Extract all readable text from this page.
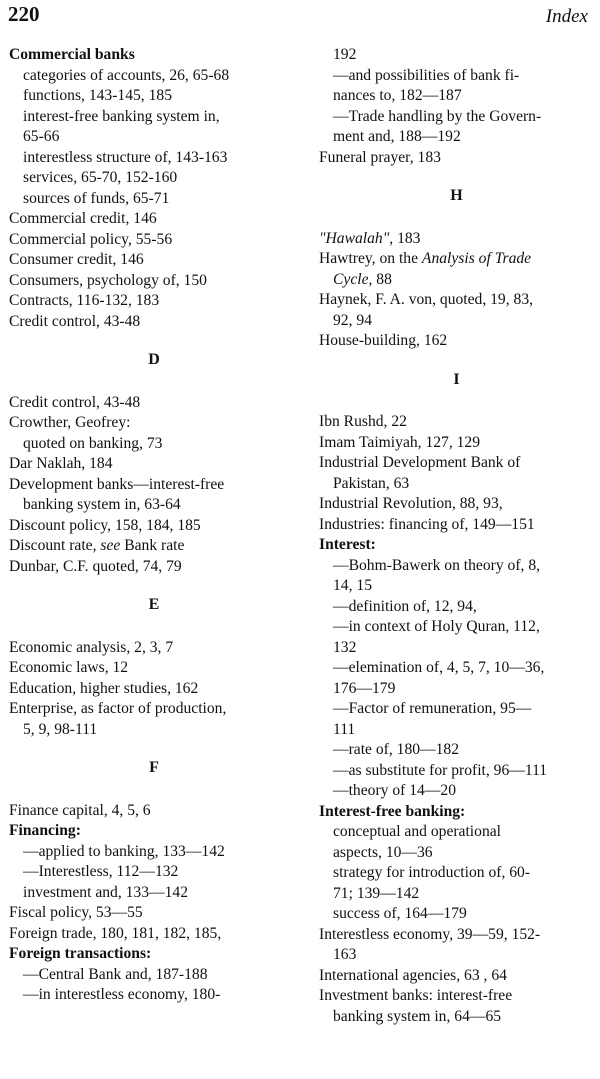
220	Index
Commercial banks
categories of accounts, 26, 65-68
functions, 143-145, 185
interest-free banking system in,
65-66
interestless structure of, 143-163
services, 65-70, 152-160
sources of funds, 65-71
Commercial credit, 146
Commercial policy, 55-56
Consumer credit, 146
Consumers, psychology of, 150
Contracts, 116-132, 183
Credit control, 43-48
D
Credit control, 43-48
Crowther, Geofrey:
quoted on banking, 73
Dar Naklah, 184
Development banks—interest-free
banking system in, 63-64
Discount policy, 158, 184, 185
Discount rate, see Bank rate
Dunbar, C.F. quoted, 74, 79
E
Economic analysis, 2, 3, 7
Economic laws, 12
Education, higher studies, 162
Enterprise, as factor of production,
5, 9, 98-111
F
Finance capital, 4, 5, 6
Financing:
—applied to banking, 133—142
—Interestless, 112—132
investment and, 133—142
Fiscal policy, 53—55
Foreign trade, 180, 181, 182, 185,
Foreign transactions:
—Central Bank and, 187-188
—in interestless economy, 180-
192
—and possibilities of bank fi-
nances to, 182—187
—Trade handling by the Govern-
ment and, 188—192
Funeral prayer, 183
H
"Hawalah", 183
Hawtrey, on the Analysis of Trade
Cycle, 88
Haynek, F. A. von, quoted, 19, 83,
92, 94
House-building, 162
I
Ibn Rushd, 22
Imam Taimiyah, 127, 129
Industrial Development Bank of
Pakistan, 63
Industrial Revolution, 88, 93,
Industries: financing of, 149—151
Interest:
—Bohm-Bawerk on theory of, 8,
14, 15
—definition of, 12, 94,
—in context of Holy Quran, 112,
132
—elemination of, 4, 5, 7, 10—36,
176—179
—Factor of remuneration, 95—
111
—rate of, 180—182
—as substitute for profit, 96—111
—theory of 14—20
Interest-free banking:
conceptual and operational
aspects, 10—36
strategy for introduction of, 60-
71; 139—142
success of, 164—179
Interestless economy, 39—59, 152-
163
International agencies, 63 , 64
Investment banks: interest-free
banking system in, 64—65
